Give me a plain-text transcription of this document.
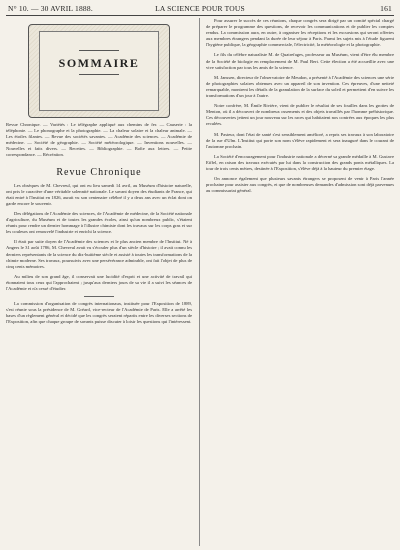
N° 10. — 30 AVRIL 1888.	LA SCIENCE POUR TOUS	161
SOMMAIRE

Revue Chronique. — Variétés : Le télégraphe appliqué aux chemins de fer. — Causerie : la téléphonie. — Le phonographe et la photographie. — La chaleur solaire et la chaleur animale. — Les étoiles filantes. — Revue des sociétés savantes. — Académie des sciences. — Académie de médecine. — Société de géographie. — Société météorologique. — Inventions nouvelles. — Nouvelles et faits divers. — Recettes. — Bibliographie. — Boîte aux lettres. — Petite correspondance. — Récréation.

Revue Chronique

Les obsèques de M. Chevreul, qui ont eu lieu samedi 14 avril, au Muséum d'histoire naturelle, ont pris le caractère d'une véritable solennité nationale. Le savant doyen des étudiants de France, qui était entré à l'Institut en 1826, aurait vu son centenaire célébré il y a deux ans avec un éclat dont on garde encore le souvenir.

Des délégations de l'Académie des sciences, de l'Académie de médecine, de la Société nationale d'agriculture, du Muséum et de toutes les grandes écoles, ainsi qu'un nombreux public, s'étaient réunis pour rendre un dernier hommage à l'illustre chimiste dont les travaux sur les corps gras et sur les couleurs ont renouvelé l'industrie et enrichi la science.

Il était par suite doyen de l'Académie des sciences et le plus ancien membre de l'Institut. Né à Angers le 31 août 1786, M. Chevreul avait vu s'écouler plus d'un siècle d'histoire ; il avait connu les derniers représentants de la science du dix-huitième siècle et assisté à toutes les transformations de la chimie moderne. Ses travaux, poursuivis avec une persévérance admirable, ont fait l'objet de plus de cinq cents mémoires.

Au milieu de son grand âge, il conservait une lucidité d'esprit et une activité de travail qui étonnaient tous ceux qui l'approchaient ; jusqu'aux derniers jours de sa vie il a suivi les séances de l'Académie et n'a cessé d'étudier.

La commission d'organisation de congrès internationaux, instituée pour l'Exposition de 1889, s'est réunie sous la présidence de M. Gréard, vice-recteur de l'Académie de Paris. Elle a arrêté les bases d'un règlement général et décidé que les congrès seraient répartis entre les diverses sections de l'Exposition, afin que chaque groupe de savants puisse discuter à loisir les questions qui l'intéressent.

Pour assurer le succès de ces réunions, chaque congrès sera dirigé par un comité spécial chargé de préparer le programme des questions, de recevoir les communications et de publier les comptes rendus. La commission aura, en outre, à organiser les réceptions et les excursions qui seront offertes aux membres étrangers pendant la durée de leur séjour à Paris. Parmi les sujets mis à l'étude figurent l'hygiène publique, la géographie commerciale, l'électricité, la météorologie et la photographie.

Le fils du célèbre naturaliste M. de Quatrefages, professeur au Muséum, vient d'être élu membre de la Société de biologie en remplacement de M. Paul Bert. Cette élection a été accueillie avec une vive satisfaction par tous les amis de la science.

M. Janssen, directeur de l'observatoire de Meudon, a présenté à l'Académie des sciences une série de photographies solaires obtenues avec un appareil de son invention. Ces épreuves, d'une netteté remarquable, montrent les détails de la granulation de la surface du soleil et permettent d'en suivre les transformations d'un jour à l'autre.

Notre confrère, M. Émile Rivière, vient de publier le résultat de ses fouilles dans les grottes de Menton, où il a découvert de nombreux ossements et des objets travaillés par l'homme préhistorique. Ces découvertes jettent un jour nouveau sur les races qui habitaient nos contrées aux époques les plus reculées.

M. Pasteur, dont l'état de santé s'est sensiblement amélioré, a repris ses travaux à son laboratoire de la rue d'Ulm. L'Institut qui porte son nom s'élève rapidement et sera inauguré dans le courant de l'automne prochain.

La Société d'encouragement pour l'industrie nationale a décerné sa grande médaille à M. Gustave Eiffel, en raison des travaux exécutés par lui dans la construction des grands ponts métalliques. La tour de trois cents mètres, destinée à l'Exposition, s'élève déjà à la hauteur du premier étage.

On annonce également que plusieurs savants étrangers se proposent de venir à Paris l'année prochaine pour assister aux congrès, et que de nombreuses demandes d'admission sont déjà parvenues au commissariat général.
